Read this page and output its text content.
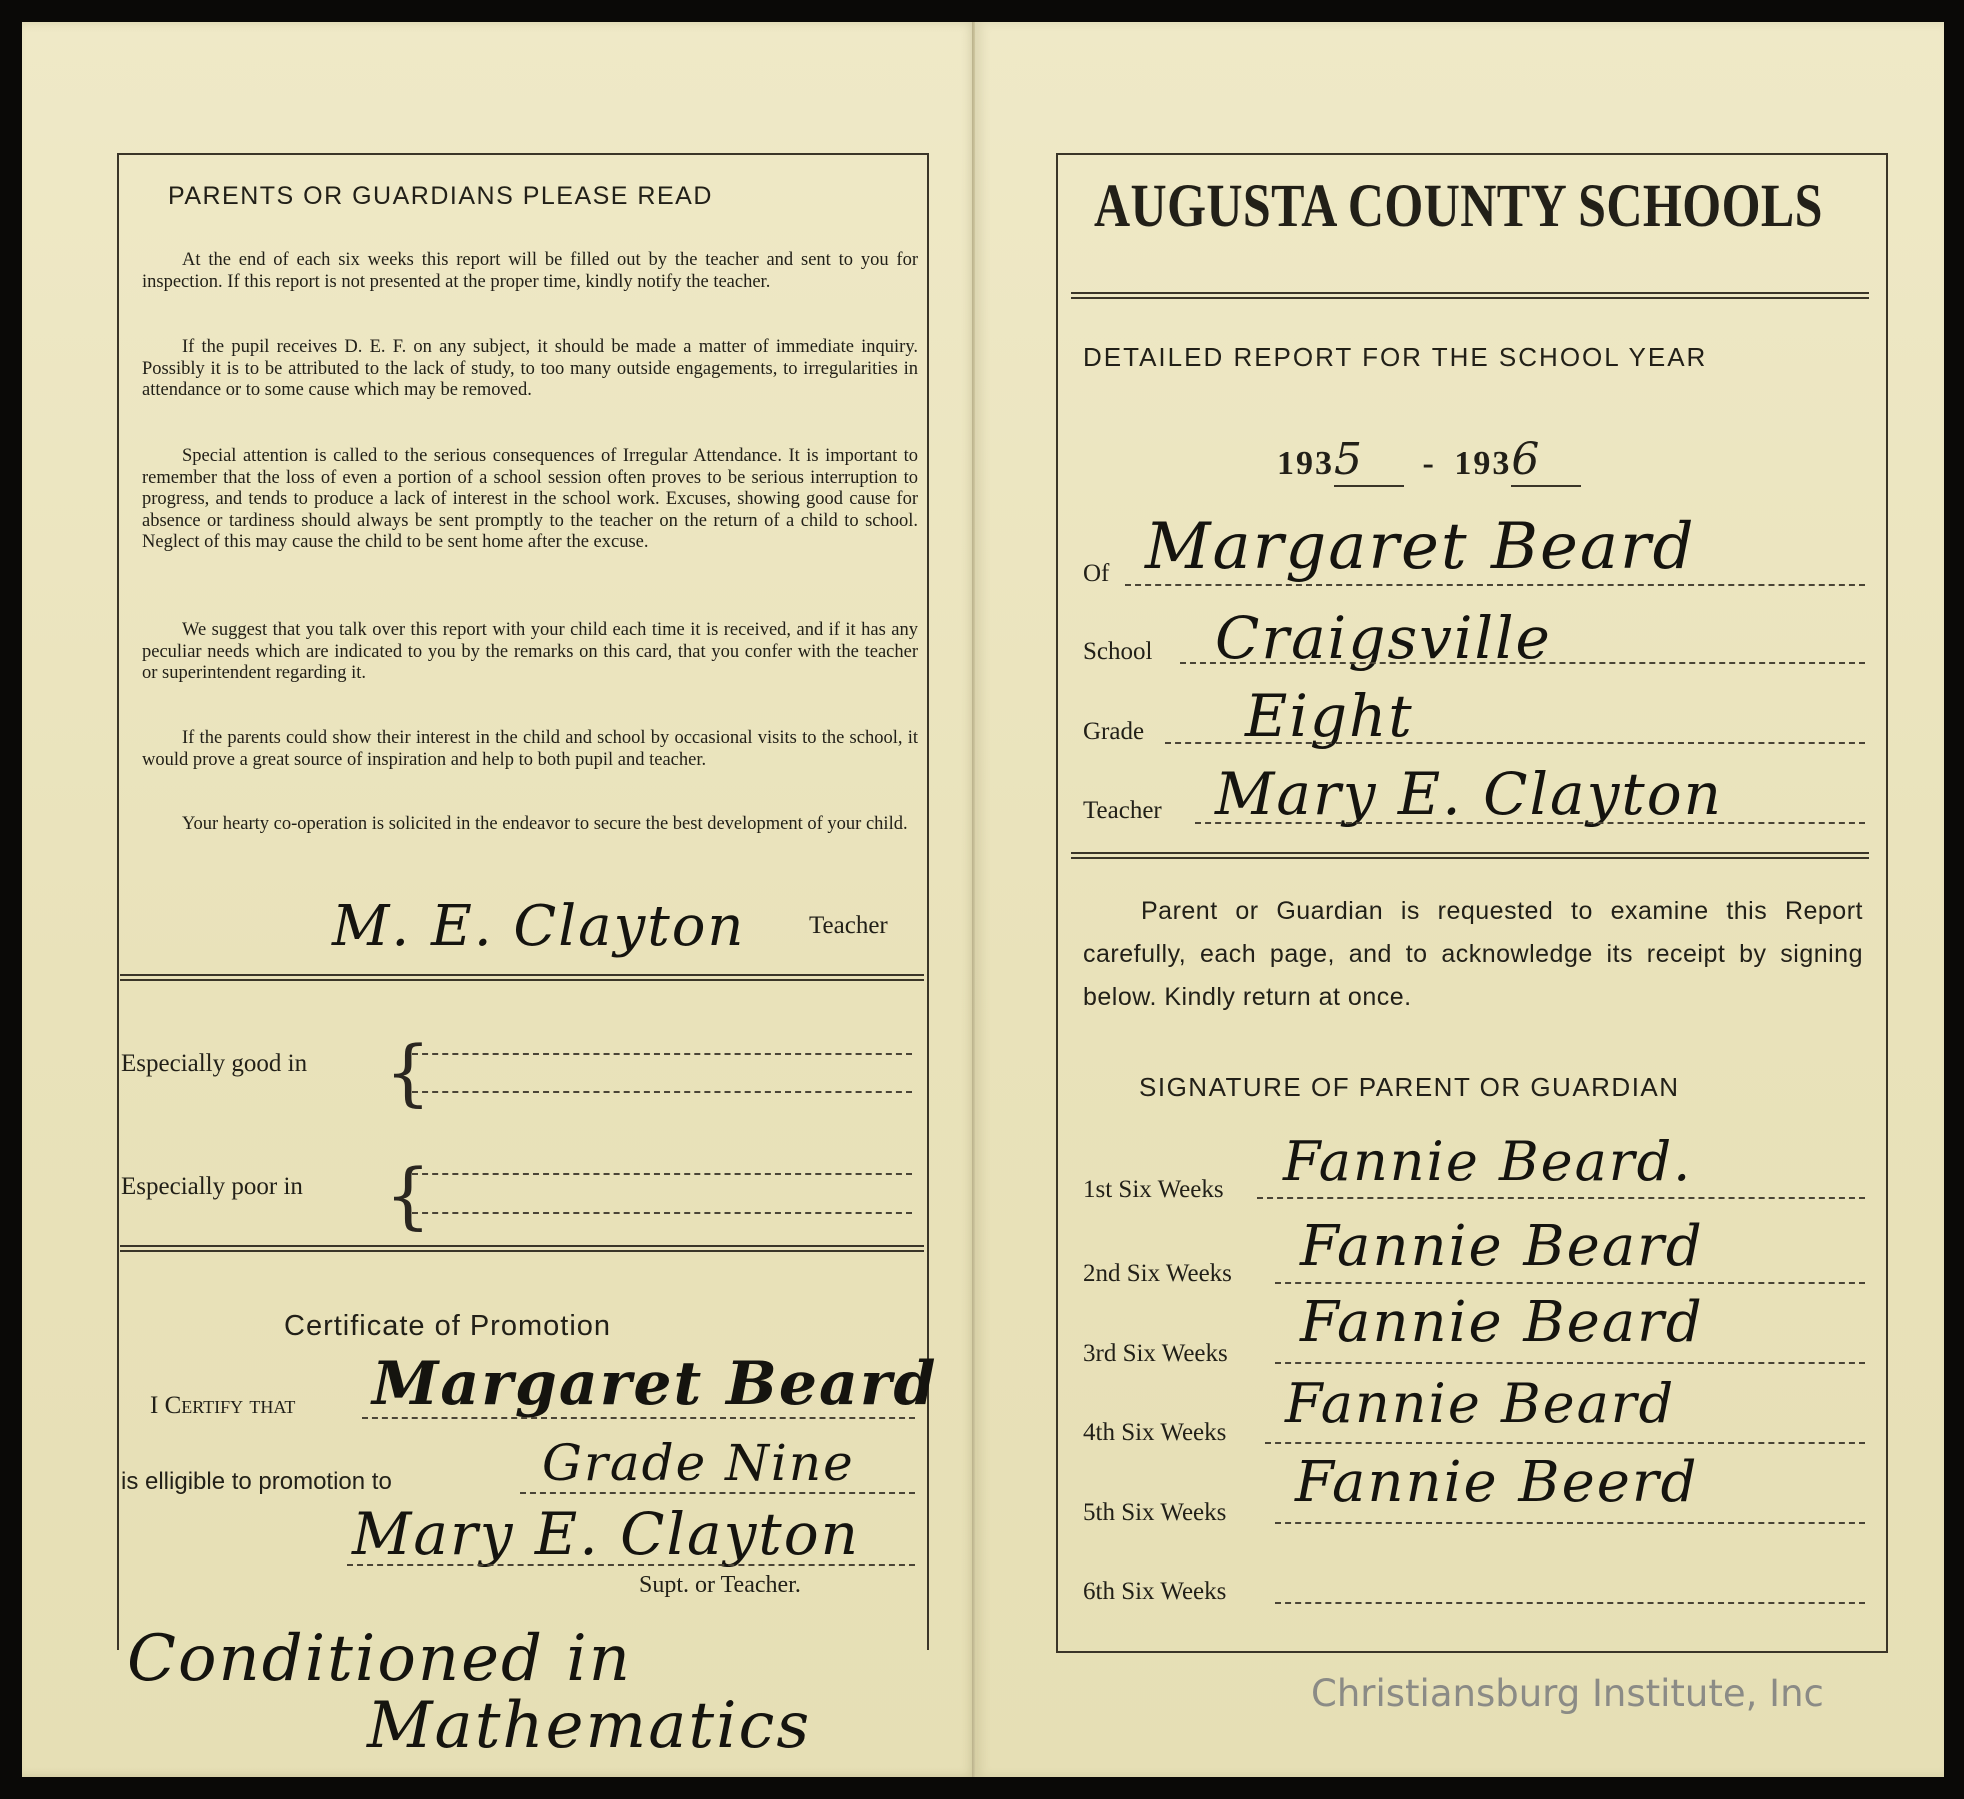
PARENTS OR GUARDIANS PLEASE READ
At the end of each six weeks this report will be filled out by the teacher and sent to you for inspection. If this report is not presented at the proper time, kindly notify the teacher.
If the pupil receives D. E. F. on any subject, it should be made a matter of immediate inquiry. Possibly it is to be attributed to the lack of study, to too many outside engagements, to irregularities in attendance or to some cause which may be removed.
Special attention is called to the serious consequences of Irregular Attendance. It is important to remember that the loss of even a portion of a school session often proves to be serious interruption to progress, and tends to produce a lack of interest in the school work. Excuses, showing good cause for absence or tardiness should always be sent promptly to the teacher on the return of a child to school. Neglect of this may cause the child to be sent home after the excuse.
We suggest that you talk over this report with your child each time it is received, and if it has any peculiar needs which are indicated to you by the remarks on this card, that you confer with the teacher or superintendent regarding it.
If the parents could show their interest in the child and school by occasional visits to the school, it would prove a great source of inspiration and help to both pupil and teacher.
Your hearty co-operation is solicited in the endeavor to secure the best development of your child.
M. E. Clayton	Teacher
Especially good in {
Especially poor in {
Certificate of Promotion
I Certify that Margaret Beard
is elligible to promotion to	Grade Nine
Mary E. Clayton
Supt. or Teacher.
Conditioned in
Mathematics
AUGUSTA COUNTY SCHOOLS
DETAILED REPORT FOR THE SCHOOL YEAR
1935 - 1936
Of Margaret Beard
School Craigsville
Grade Eight
Teacher Mary E. Clayton
Parent or Guardian is requested to examine this Report carefully, each page, and to acknowledge its receipt by signing below. Kindly return at once.
SIGNATURE OF PARENT OR GUARDIAN
1st Six Weeks Fannie Beard.
2nd Six Weeks Fannie Beard
3rd Six Weeks Fannie Beard
4th Six Weeks Fannie Beard
5th Six Weeks Fannie Beerd
6th Six Weeks
Christiansburg Institute, Inc
